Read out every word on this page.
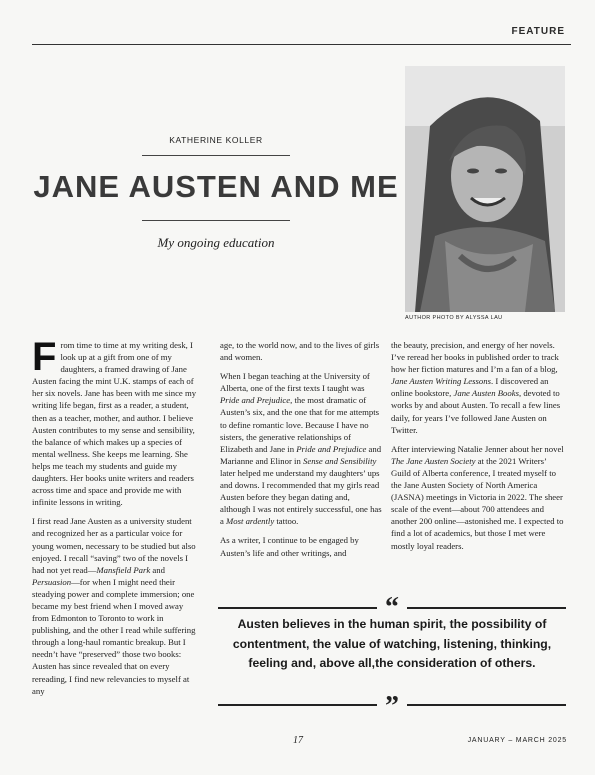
FEATURE
KATHERINE KOLLER
JANE AUSTEN AND ME
My ongoing education
AUTHOR PHOTO BY ALYSSA LAU

From time to time at my writing desk, I look up at a gift from one of my daughters, a framed drawing of Jane Austen facing the mint U.K. stamps of each of her six novels. Jane has been with me since my writing life began, first as a reader, a student, then as a teacher, mother, and author. I believe Austen contributes to my sense and sensibility, the balance of which makes up a species of mental wellness. She keeps me learning. She helps me teach my students and guide my daughters. Her books unite writers and readers across time and space and provide me with infinite lessons in writing.

I first read Jane Austen as a university student and recognized her as a particular voice for young women, necessary to be studied but also enjoyed. I recall “saving” two of the novels I had not yet read—Mansfield Park and Persuasion—for when I might need their steadying power and complete immersion; one became my best friend when I moved away from Edmonton to Toronto to work in publishing, and the other I read while suffering through a long-haul romantic breakup. But I needn’t have “preserved” those two books: Austen has since revealed that on every rereading, I find new relevancies to myself at any

age, to the world now, and to the lives of girls and women.

When I began teaching at the University of Alberta, one of the first texts I taught was Pride and Prejudice, the most dramatic of Austen’s six, and the one that for me attempts to define romantic love. Because I have no sisters, the generative relationships of Elizabeth and Jane in Pride and Prejudice and Marianne and Elinor in Sense and Sensibility later helped me understand my daughters’ ups and downs. I recommended that my girls read Austen before they began dating and, although I was not entirely successful, one has a Most ardently tattoo.

As a writer, I continue to be engaged by Austen’s life and other writings, and

the beauty, precision, and energy of her novels. I’ve reread her books in published order to track how her fiction matures and I’m a fan of a blog, Jane Austen Writing Lessons. I discovered an online bookstore, Jane Austen Books, devoted to works by and about Austen. To recall a few lines daily, for years I’ve followed Jane Austen on Twitter.

After interviewing Natalie Jenner about her novel The Jane Austen Society at the 2021 Writers’ Guild of Alberta conference, I treated myself to the Jane Austen Society of North America (JASNA) meetings in Victoria in 2022. The sheer scale of the event—about 700 attendees and another 200 online—astonished me. I expected to find a lot of academics, but those I met were mostly loyal readers.

“
Austen believes in the human spirit, the possibility of contentment, the value of watching, listening, thinking, feeling and, above all,the consideration of others.
”
17	JANUARY – MARCH 2025
